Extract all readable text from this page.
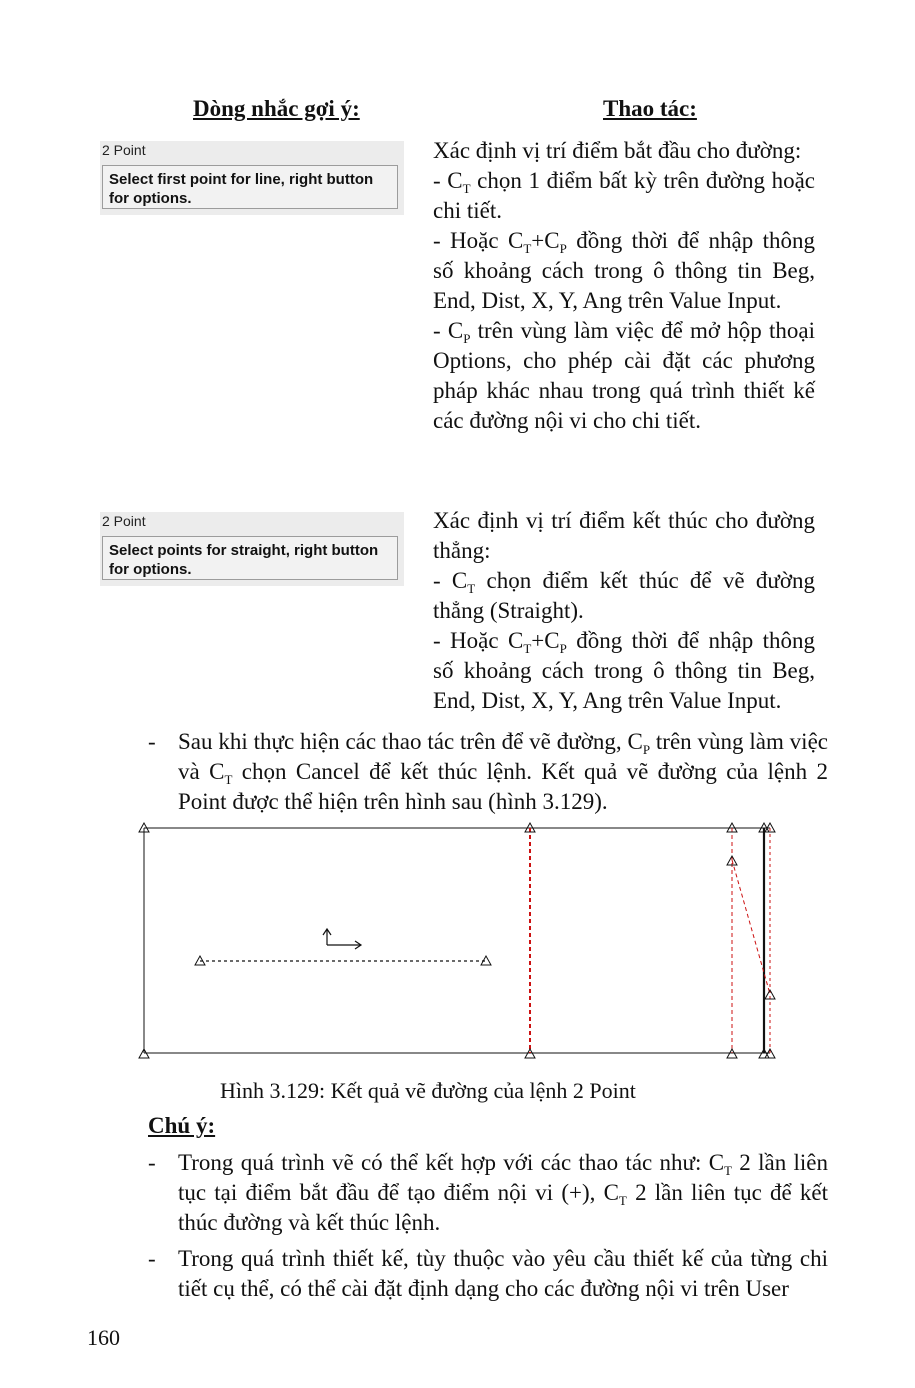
Dòng nhắc gợi ý:	Thao tác:
2 Point
Select first point for line, right button for options.

Xác định vị trí điểm bắt đầu cho đường:

- $C_T$ chọn 1 điểm bất kỳ trên đường hoặc chi tiết.

- Hoặc $C_T+C_P$ đồng thời để nhập thông số khoảng cách trong ô thông tin Beg, End, Dist, X, Y, Ang trên Value Input.

- $C_P$ trên vùng làm việc để mở hộp thoại Options, cho phép cài đặt các phương pháp khác nhau trong quá trình thiết kế các đường nội vi cho chi tiết.

2 Point
Select points for straight, right button for options.

Xác định vị trí điểm kết thúc cho đường thẳng:

- $C_T$ chọn điểm kết thúc để vẽ đường thẳng (Straight).

- Hoặc $C_T+C_P$ đồng thời để nhập thông số khoảng cách trong ô thông tin Beg, End, Dist, X, Y, Ang trên Value Input.

- Sau khi thực hiện các thao tác trên để vẽ đường, $C_P$ trên vùng làm việc và $C_T$ chọn Cancel để kết thúc lệnh. Kết quả vẽ đường của lệnh 2 Point được thể hiện trên hình sau (hình 3.129).
Hình 3.129: Kết quả vẽ đường của lệnh 2 Point
Chú ý:
- Trong quá trình vẽ có thể kết hợp với các thao tác như: $C_T$ 2 lần liên tục tại điểm bắt đầu để tạo điểm nội vi (+), $C_T$ 2 lần liên tục để kết thúc đường và kết thúc lệnh.
- Trong quá trình thiết kế, tùy thuộc vào yêu cầu thiết kế của từng chi tiết cụ thể, có thể cài đặt định dạng cho các đường nội vi trên User
160
